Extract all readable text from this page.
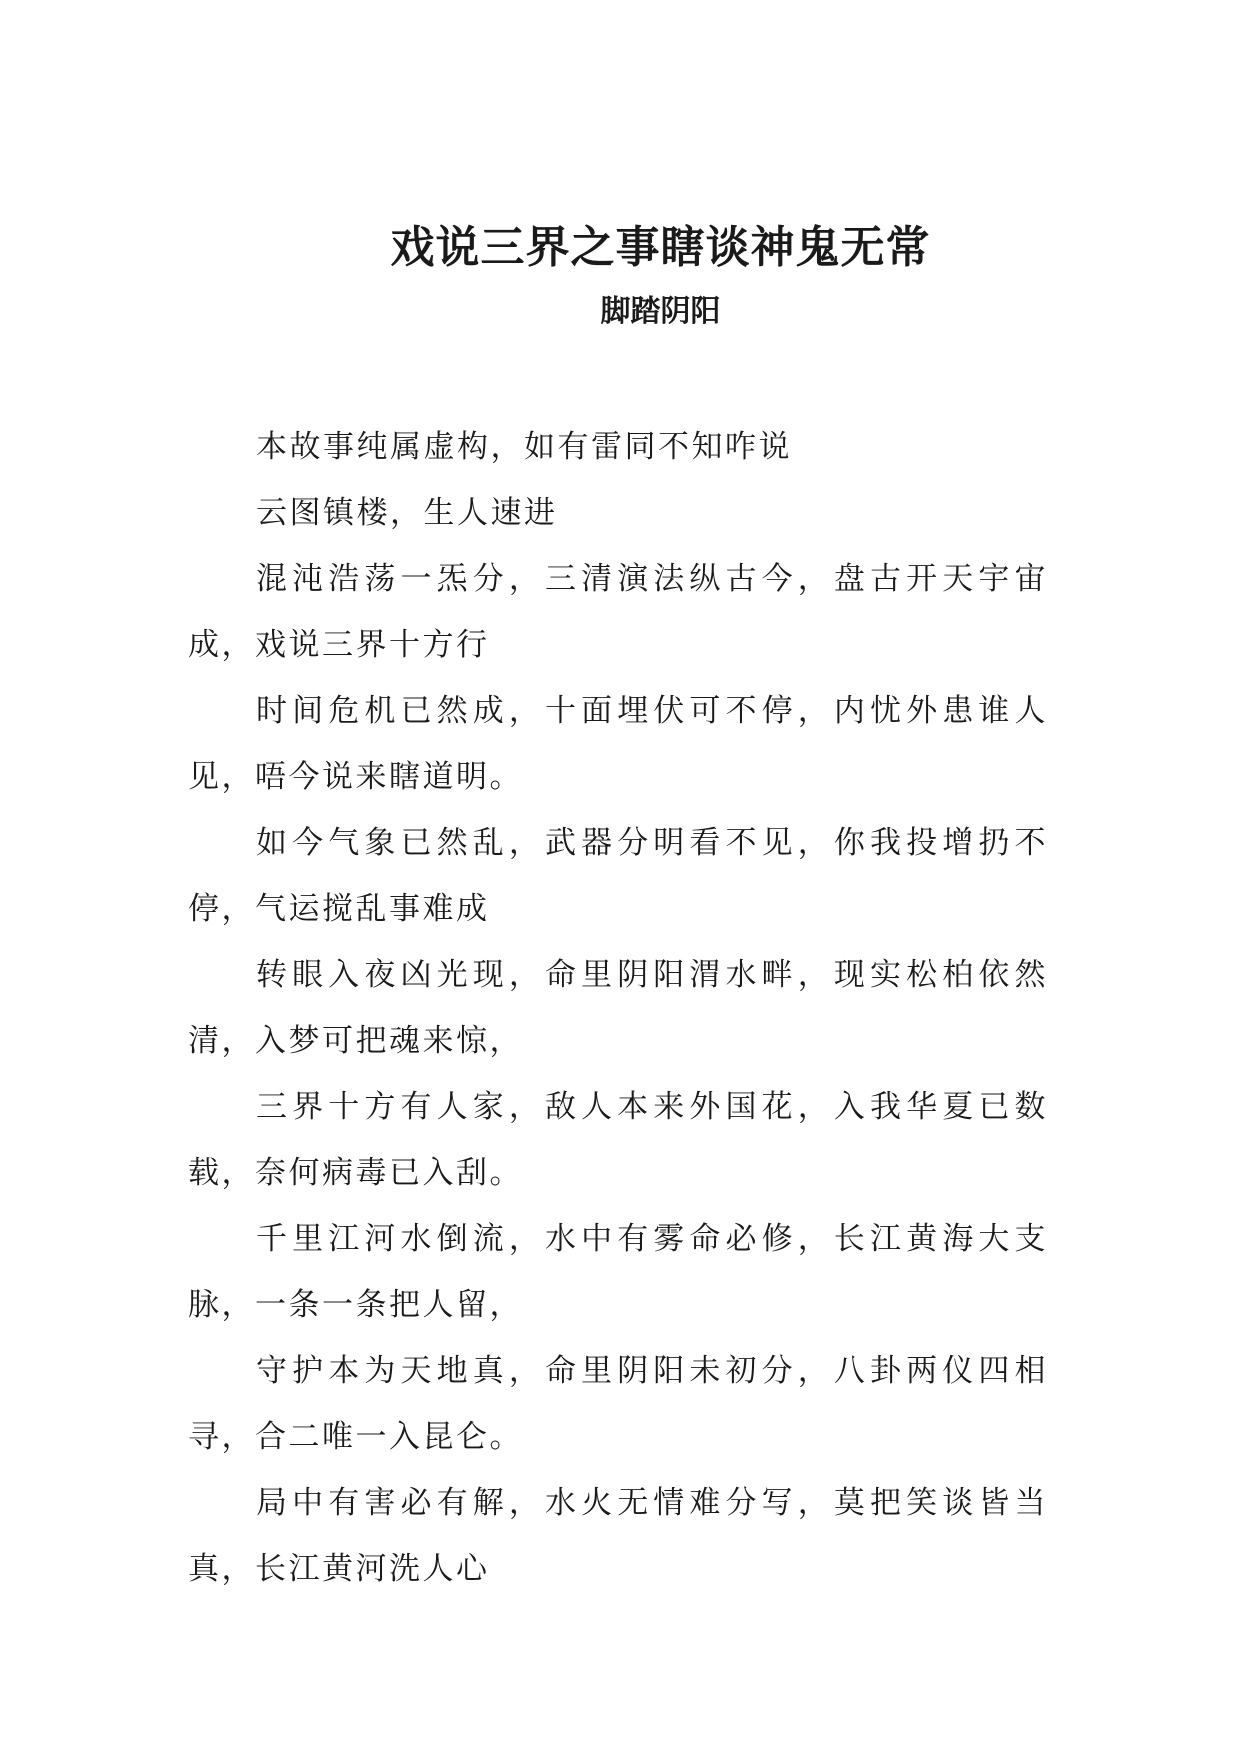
戏说三界之事瞎谈神鬼无常
脚踏阴阳

本故事纯属虚构，如有雷同不知咋说

云图镇楼，生人速进

混沌浩荡一炁分，三清演法纵古今，盘古开天宇宙成，戏说三界十方行

时间危机已然成，十面埋伏可不停，内忧外患谁人见，唔今说来瞎道明。

如今气象已然乱，武器分明看不见，你我投增扔不停，气运搅乱事难成

转眼入夜凶光现，命里阴阳渭水畔，现实松柏依然清，入梦可把魂来惊，

三界十方有人家，敌人本来外国花，入我华夏已数载，奈何病毒已入刮。

千里江河水倒流，水中有雾命必修，长江黄海大支脉，一条一条把人留，

守护本为天地真，命里阴阳未初分，八卦两仪四相寻，合二唯一入昆仑。

局中有害必有解，水火无情难分写，莫把笑谈皆当真，长江黄河洗人心
